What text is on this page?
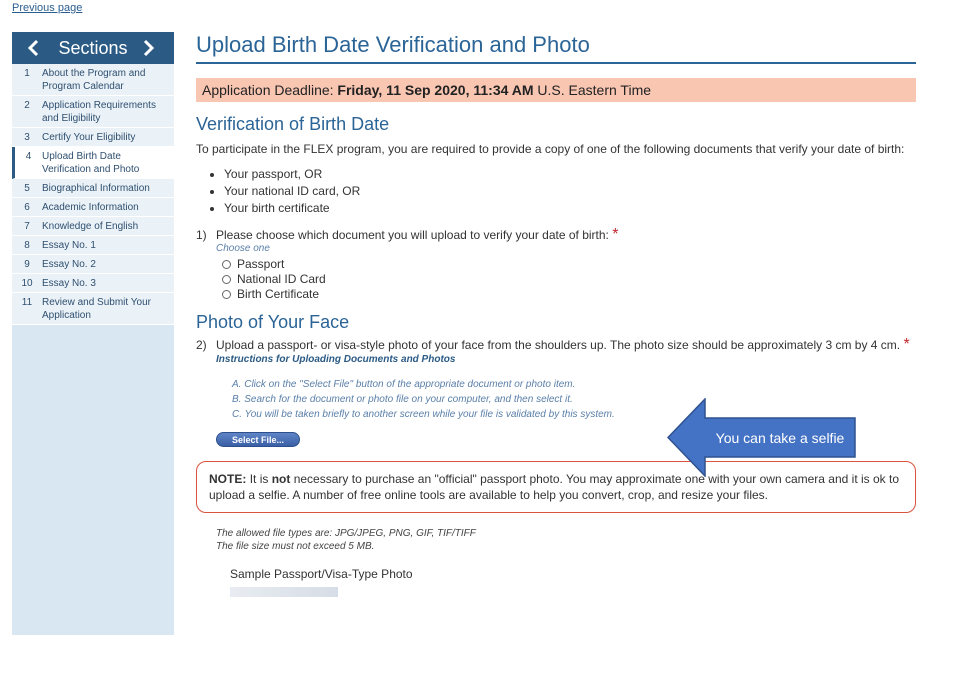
Previous page
Sections
1	About the Program and Program Calendar
2	Application Requirements and Eligibility
3	Certify Your Eligibility
4	Upload Birth Date Verification and Photo
5	Biographical Information
6	Academic Information
7	Knowledge of English
8	Essay No. 1
9	Essay No. 2
10 Essay No. 3
11 Review and Submit Your Application
Upload Birth Date Verification and Photo
Application Deadline: Friday, 11 Sep 2020, 11:34 AM U.S. Eastern Time
Verification of Birth Date

To participate in the FLEX program, you are required to provide a copy of one of the following documents that verify your date of birth:

• Your passport, OR
• Your national ID card, OR
• Your birth certificate
1) Please choose which document you will upload to verify your date of birth: *
Choose one
Passport
National ID Card
Birth Certificate
Photo of Your Face
2) Upload a passport- or visa-style photo of your face from the shoulders up. The photo size should be approximately 3 cm by 4 cm. *
Instructions for Uploading Documents and Photos
A. Click on the "Select File" button of the appropriate document or photo item.
B. Search for the document or photo file on your computer, and then select it.
C. You will be taken briefly to another screen while your file is validated by this system.
Select File...
NOTE: It is not necessary to purchase an "official" passport photo. You may approximate one with your own camera and it is ok to upload a selfie. A number of free online tools are available to help you convert, crop, and resize your files.
The allowed file types are: JPG/JPEG, PNG, GIF, TIF/TIFF
The file size must not exceed 5 MB.
Sample Passport/Visa-Type Photo
You can take a selfie
